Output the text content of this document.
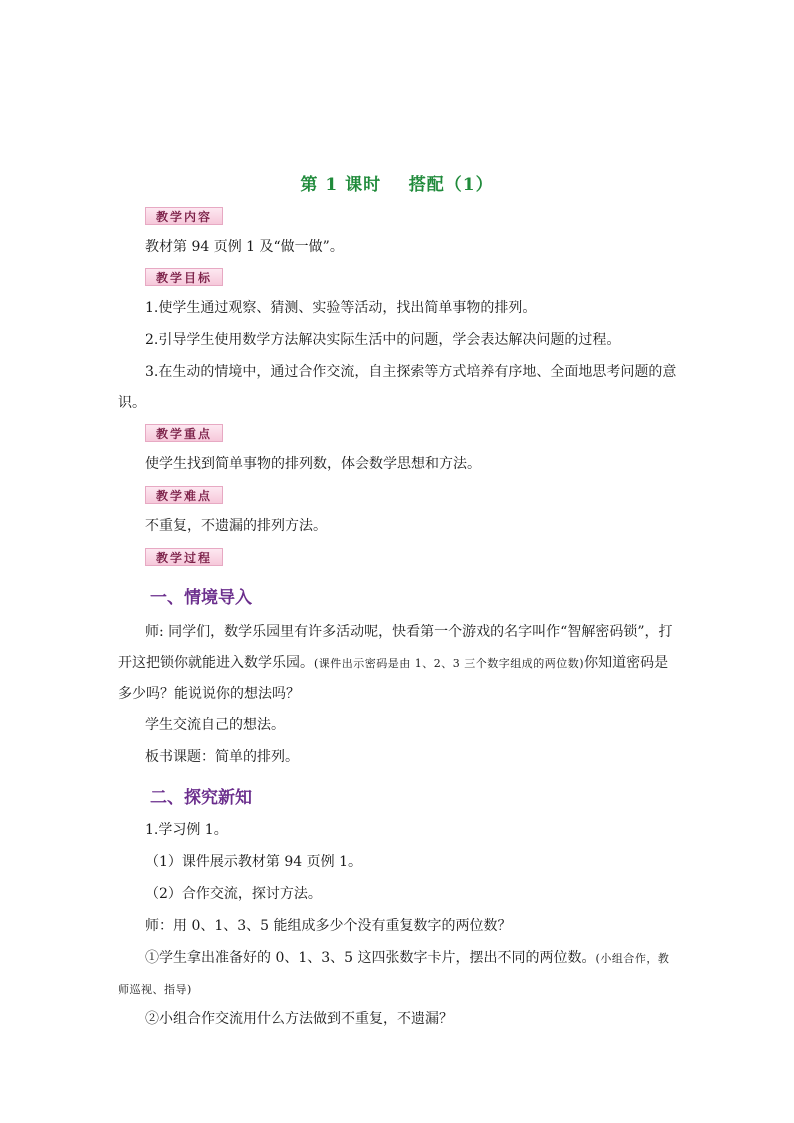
第 1 课时    搭配（1）
教学内容
教材第 94 页例 1 及“做一做”。
教学目标
1.使学生通过观察、猜测、实验等活动，找出简单事物的排列。
2.引导学生使用数学方法解决实际生活中的问题，学会表达解决问题的过程。
3.在生动的情境中，通过合作交流，自主探索等方式培养有序地、全面地思考问题的意识。
教学重点
使学生找到简单事物的排列数，体会数学思想和方法。
教学难点
不重复，不遗漏的排列方法。
教学过程
一、情境导入
师: 同学们，数学乐园里有许多活动呢，快看第一个游戏的名字叫作“智解密码锁”，打开这把锁你就能进入数学乐园。(课件出示密码是由 1、2、3 三个数字组成的两位数)你知道密码是多少吗？能说说你的想法吗？
学生交流自己的想法。
板书课题：简单的排列。
二、探究新知
1.学习例 1。
（1）课件展示教材第 94 页例 1。
（2）合作交流，探讨方法。
师：用 0、1、3、5 能组成多少个没有重复数字的两位数？
①学生拿出准备好的 0、1、3、5 这四张数字卡片，摆出不同的两位数。(小组合作，教师巡视、指导)
②小组合作交流用什么方法做到不重复，不遗漏？
